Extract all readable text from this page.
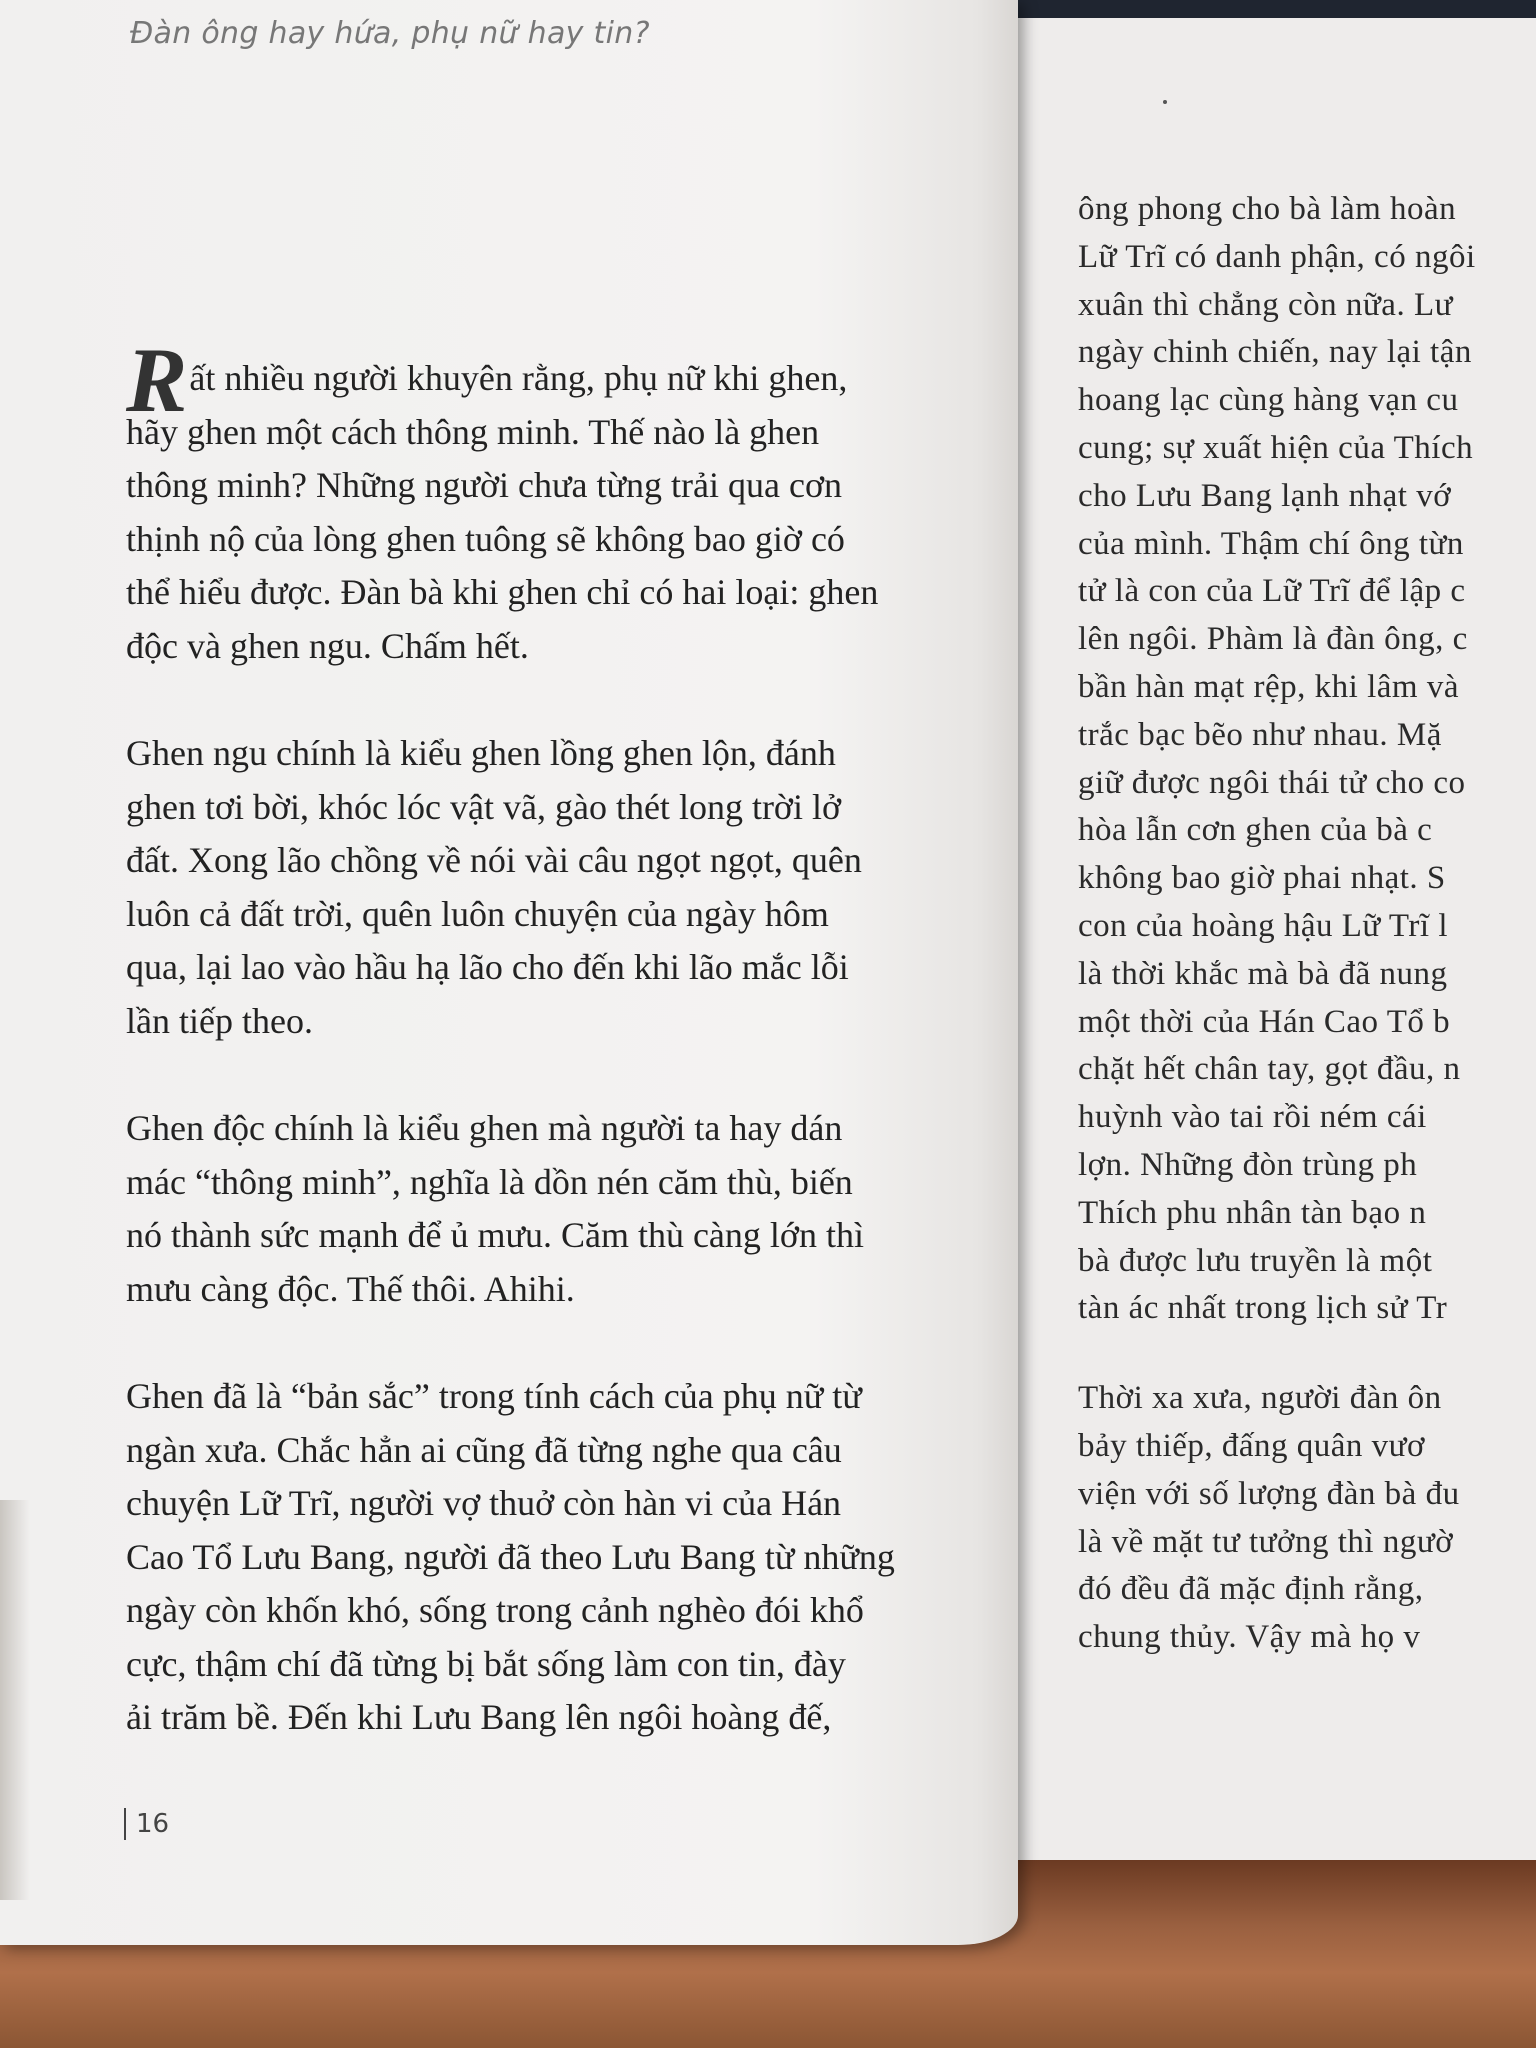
ông phong cho bà làm hoàn
Lữ Trĩ có danh phận, có ngôi
xuân thì chẳng còn nữa. Lư
ngày chinh chiến, nay lại tận
hoang lạc cùng hàng vạn cu
cung; sự xuất hiện của Thích
cho Lưu Bang lạnh nhạt vớ
của mình. Thậm chí ông từn
tử là con của Lữ Trĩ để lập c
lên ngôi. Phàm là đàn ông, c
bần hàn mạt rệp, khi lâm và
trắc bạc bẽo như nhau. Mặ
giữ được ngôi thái tử cho co
hòa lẫn cơn ghen của bà c
không bao giờ phai nhạt. S
con của hoàng hậu Lữ Trĩ l
là thời khắc mà bà đã nung
một thời của Hán Cao Tổ b
chặt hết chân tay, gọt đầu, n
huỳnh vào tai rồi ném cái
lợn. Những đòn trùng ph
Thích phu nhân tàn bạo n
bà được lưu truyền là một
tàn ác nhất trong lịch sử Tr
Thời xa xưa, người đàn ôn
bảy thiếp, đấng quân vươ
viện với số lượng đàn bà đu
là về mặt tư tưởng thì ngườ
đó đều đã mặc định rằng,
chung thủy. Vậy mà họ v
Đàn ông hay hứa, phụ nữ hay tin?
Rất nhiều người khuyên rằng, phụ nữ khi ghen,
hãy ghen một cách thông minh. Thế nào là ghen
thông minh? Những người chưa từng trải qua cơn
thịnh nộ của lòng ghen tuông sẽ không bao giờ có
thể hiểu được. Đàn bà khi ghen chỉ có hai loại: ghen
độc và ghen ngu. Chấm hết.
Ghen ngu chính là kiểu ghen lồng ghen lộn, đánh
ghen tơi bời, khóc lóc vật vã, gào thét long trời lở
đất. Xong lão chồng về nói vài câu ngọt ngọt, quên
luôn cả đất trời, quên luôn chuyện của ngày hôm
qua, lại lao vào hầu hạ lão cho đến khi lão mắc lỗi
lần tiếp theo.
Ghen độc chính là kiểu ghen mà người ta hay dán
mác “thông minh”, nghĩa là dồn nén căm thù, biến
nó thành sức mạnh để ủ mưu. Căm thù càng lớn thì
mưu càng độc. Thế thôi. Ahihi.
Ghen đã là “bản sắc” trong tính cách của phụ nữ từ
ngàn xưa. Chắc hẳn ai cũng đã từng nghe qua câu
chuyện Lữ Trĩ, người vợ thuở còn hàn vi của Hán
Cao Tổ Lưu Bang, người đã theo Lưu Bang từ những
ngày còn khốn khó, sống trong cảnh nghèo đói khổ
cực, thậm chí đã từng bị bắt sống làm con tin, đày
ải trăm bề. Đến khi Lưu Bang lên ngôi hoàng đế,
16
